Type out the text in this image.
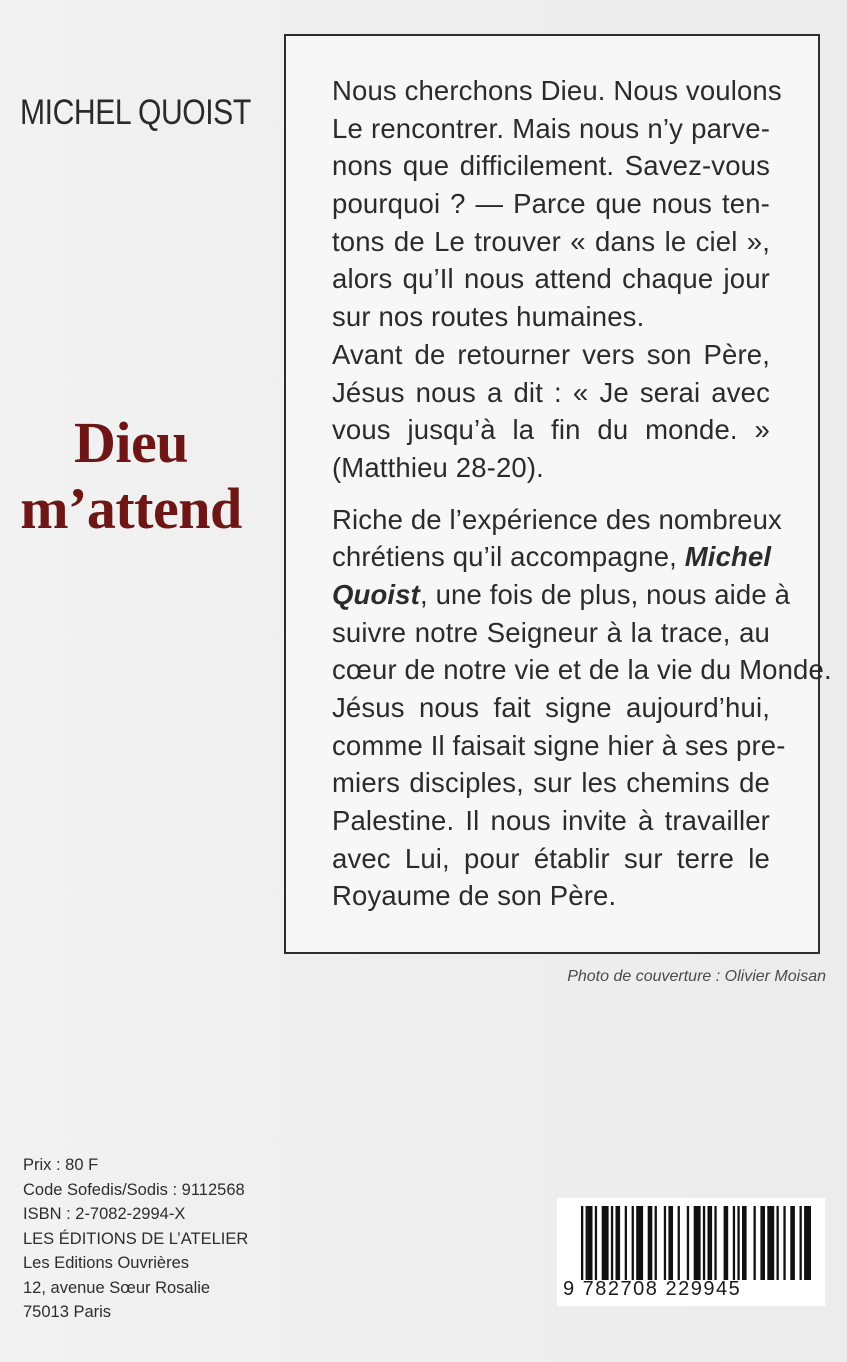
MICHEL QUOIST
Dieu
m’attend
Nous cherchons Dieu. Nous voulons
Le rencontrer. Mais nous n’y parve-
nons que difficilement. Savez-vous
pourquoi ? — Parce que nous ten-
tons de Le trouver « dans le ciel »,
alors qu’Il nous attend chaque jour
sur nos routes humaines.
Avant de retourner vers son Père,
Jésus nous a dit : « Je serai avec
vous jusqu’à la fin du monde. »
(Matthieu 28-20).
Riche de l’expérience des nombreux
chrétiens qu’il accompagne, Michel
Quoist, une fois de plus, nous aide à
suivre notre Seigneur à la trace, au
cœur de notre vie et de la vie du Monde.
Jésus nous fait signe aujourd’hui,
comme Il faisait signe hier à ses pre-
miers disciples, sur les chemins de
Palestine. Il nous invite à travailler
avec Lui, pour établir sur terre le
Royaume de son Père.
Photo de couverture : Olivier Moisan
Prix : 80 F
Code Sofedis/Sodis : 9112568
ISBN : 2-7082-2994-X
LES ÉDITIONS DE L’ATELIER
Les Editions Ouvrières
12, avenue Sœur Rosalie
75013 Paris
9 782708 229945
